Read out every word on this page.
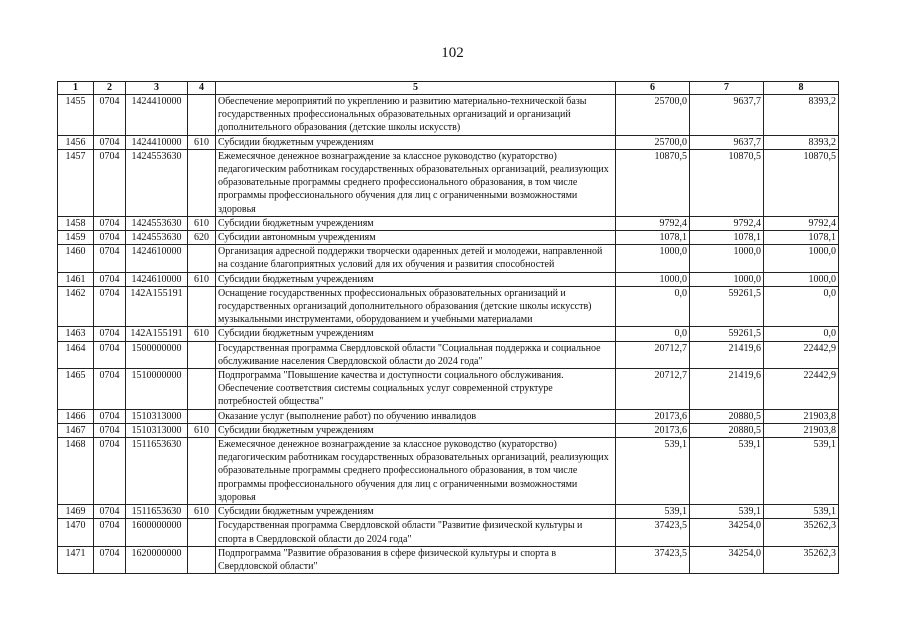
102
1	2	3	4	5	6	7	8
1455	0704	1424410000		Обеспечение мероприятий по укреплению и развитию материально-технической базы государственных профессиональных образовательных организаций и организаций дополнительного образования (детские школы искусств)	25700,0	9637,7	8393,2
1456	0704	1424410000	610	Субсидии бюджетным учреждениям	25700,0	9637,7	8393,2
1457	0704	1424553630		Ежемесячное денежное вознаграждение за классное руководство (кураторство) педагогическим работникам государственных образовательных организаций, реализующих образовательные программы среднего профессионального образования, в том числе программы профессионального обучения для лиц с ограниченными возможностями здоровья	10870,5	10870,5	10870,5
1458	0704	1424553630	610	Субсидии бюджетным учреждениям	9792,4	9792,4	9792,4
1459	0704	1424553630	620	Субсидии автономным учреждениям	1078,1	1078,1	1078,1
1460	0704	1424610000		Организация адресной поддержки творчески одаренных детей и молодежи, направленной на создание благоприятных условий для их обучения и развития способностей	1000,0	1000,0	1000,0
1461	0704	1424610000	610	Субсидии бюджетным учреждениям	1000,0	1000,0	1000,0
1462	0704	142A155191		Оснащение государственных профессиональных образовательных организаций и государственных организаций дополнительного образования (детские школы искусств) музыкальными инструментами, оборудованием и учебными материалами	0,0	59261,5	0,0
1463	0704	142A155191	610	Субсидии бюджетным учреждениям	0,0	59261,5	0,0
1464	0704	1500000000		Государственная программа Свердловской области "Социальная поддержка и социальное обслуживание населения Свердловской области до 2024 года"	20712,7	21419,6	22442,9
1465	0704	1510000000		Подпрограмма "Повышение качества и доступности социального обслуживания. Обеспечение соответствия системы социальных услуг современной структуре потребностей общества"	20712,7	21419,6	22442,9
1466	0704	1510313000		Оказание услуг (выполнение работ) по обучению инвалидов	20173,6	20880,5	21903,8
1467	0704	1510313000	610	Субсидии бюджетным учреждениям	20173,6	20880,5	21903,8
1468	0704	1511653630		Ежемесячное денежное вознаграждение за классное руководство (кураторство) педагогическим работникам государственных образовательных организаций, реализующих образовательные программы среднего профессионального образования, в том числе программы профессионального обучения для лиц с ограниченными возможностями здоровья	539,1	539,1	539,1
1469	0704	1511653630	610	Субсидии бюджетным учреждениям	539,1	539,1	539,1
1470	0704	1600000000		Государственная программа Свердловской области "Развитие физической культуры и спорта в Свердловской области до 2024 года"	37423,5	34254,0	35262,3
1471	0704	1620000000		Подпрограмма "Развитие образования в сфере физической культуры и спорта в Свердловской области"	37423,5	34254,0	35262,3
